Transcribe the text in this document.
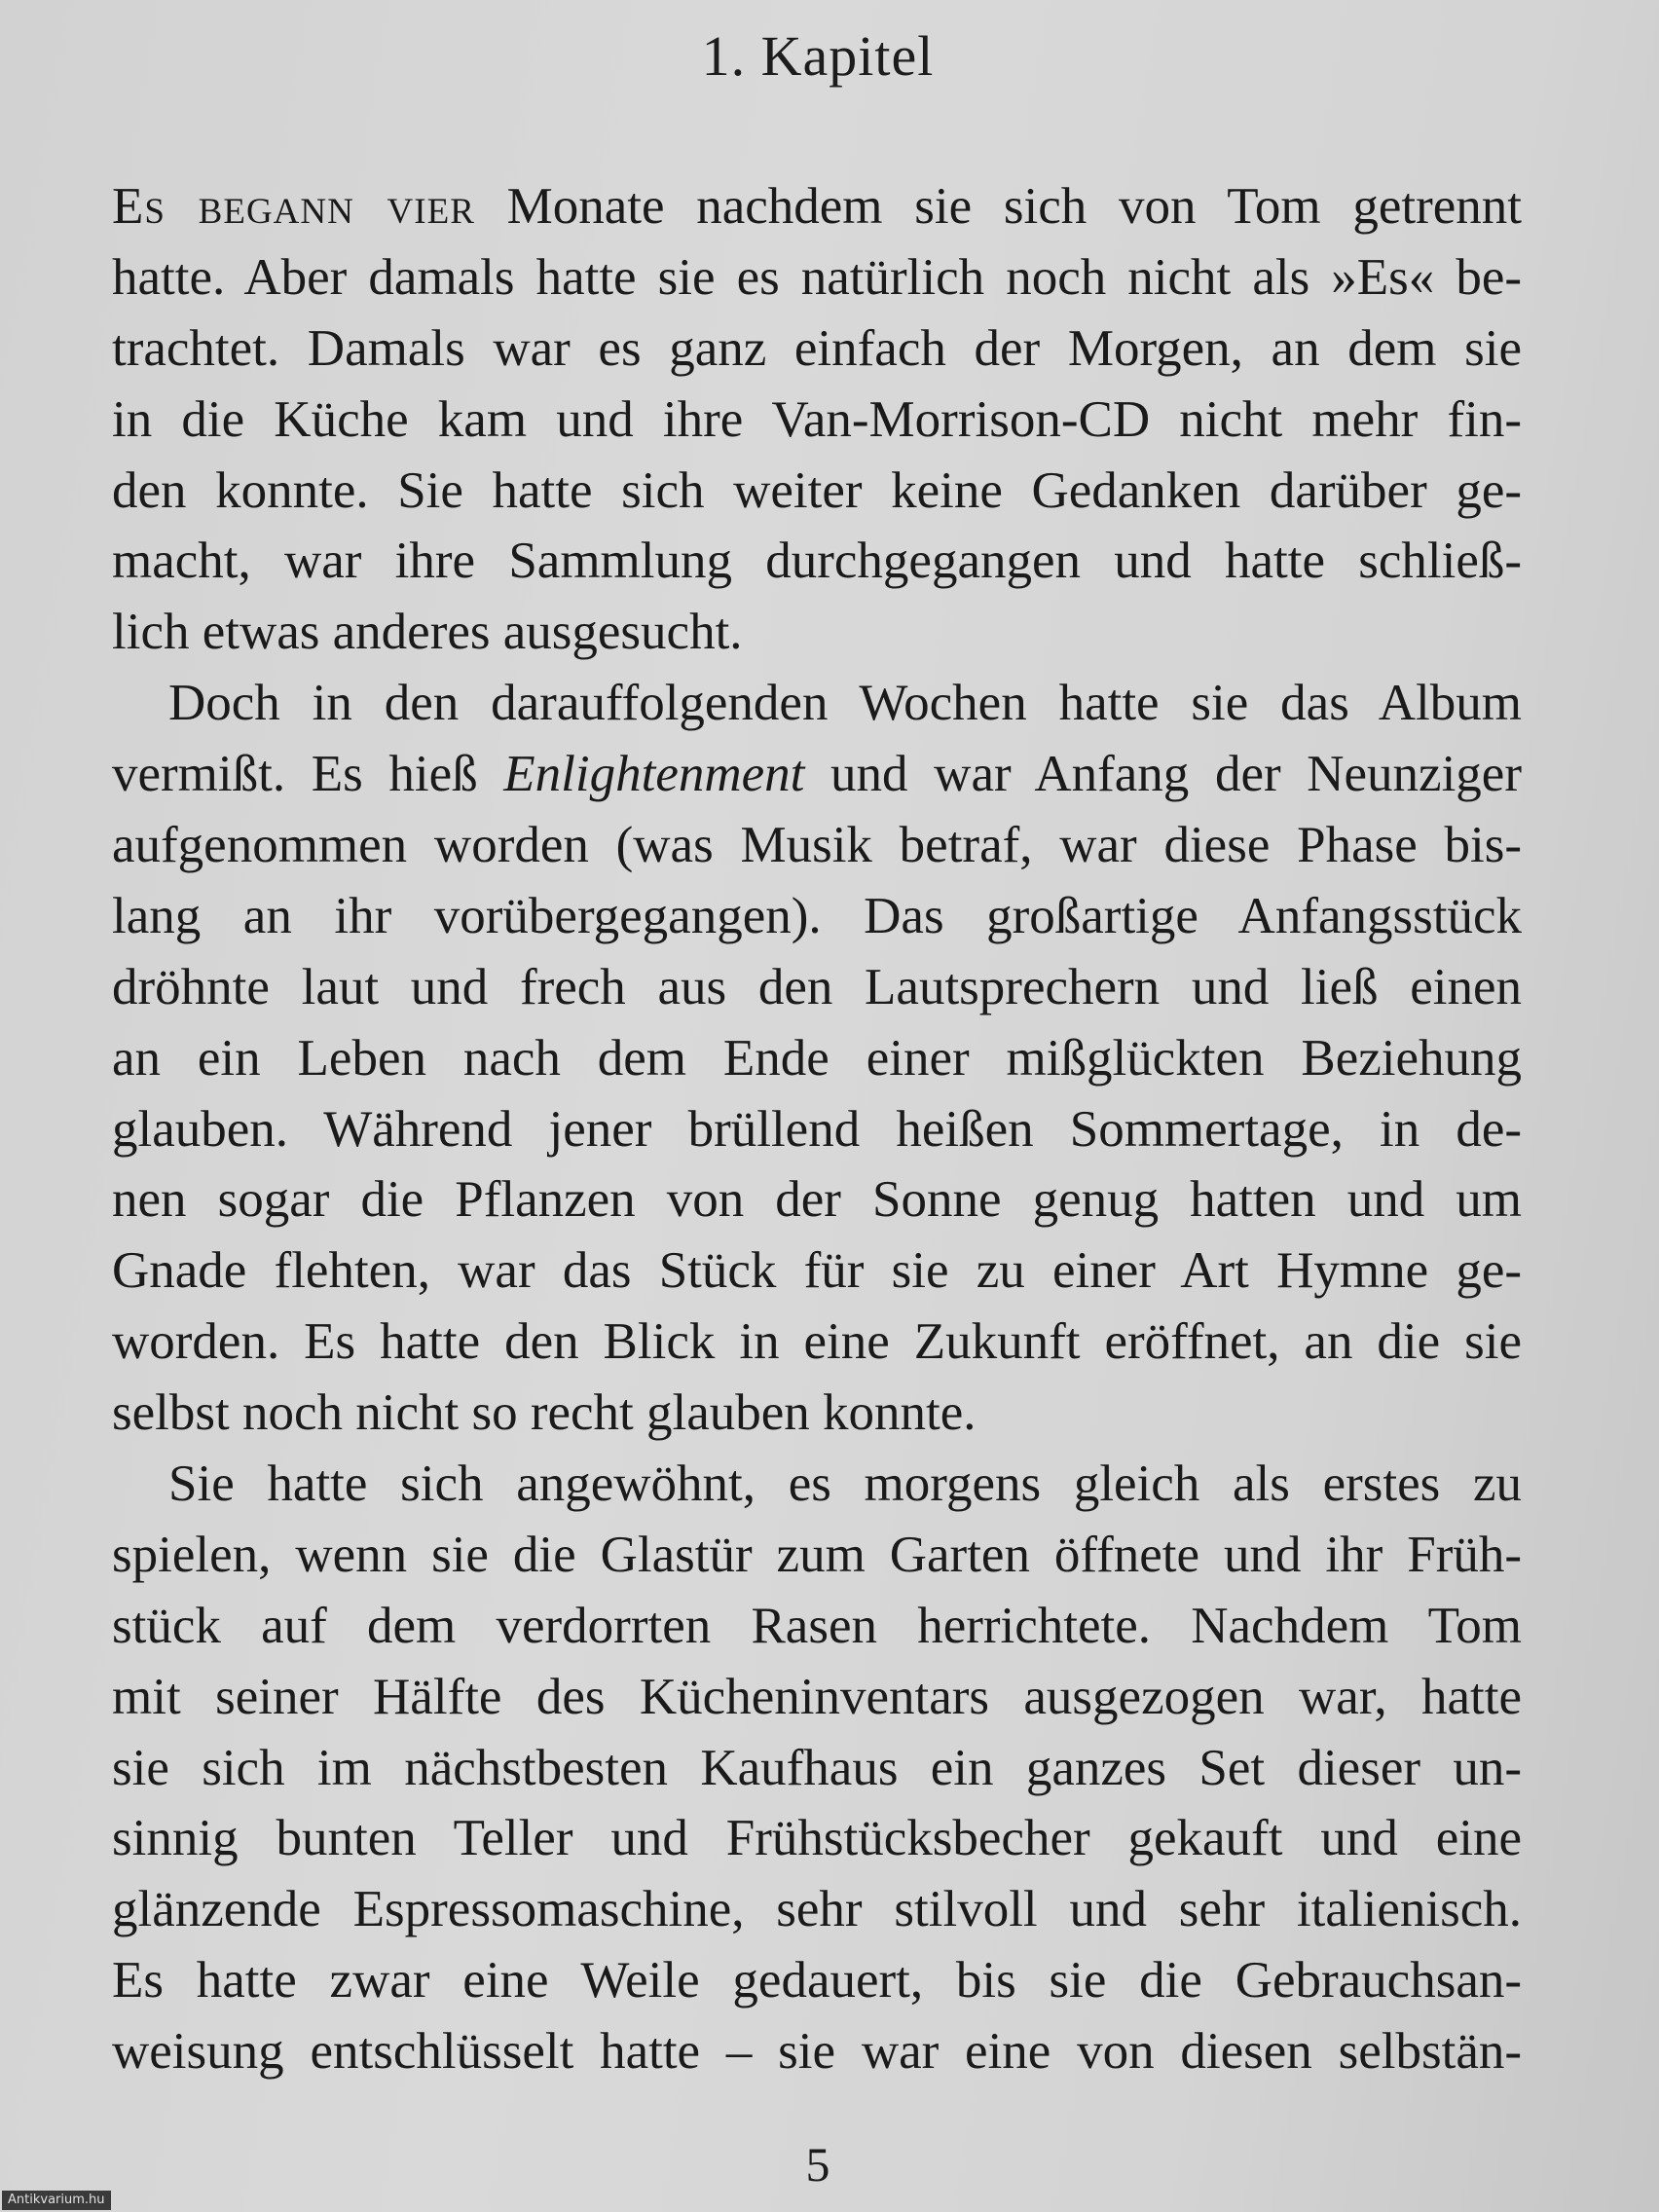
1. Kapitel
Es begann vier Monate nachdem sie sich von Tom getrennt
hatte. Aber damals hatte sie es natürlich noch nicht als »Es« be-
trachtet. Damals war es ganz einfach der Morgen, an dem sie
in die Küche kam und ihre Van-Morrison-CD nicht mehr fin-
den konnte. Sie hatte sich weiter keine Gedanken darüber ge-
macht, war ihre Sammlung durchgegangen und hatte schließ-
lich etwas anderes ausgesucht.
Doch in den darauffolgenden Wochen hatte sie das Album
vermißt. Es hieß Enlightenment und war Anfang der Neunziger
aufgenommen worden (was Musik betraf, war diese Phase bis-
lang an ihr vorübergegangen). Das großartige Anfangsstück
dröhnte laut und frech aus den Lautsprechern und ließ einen
an ein Leben nach dem Ende einer mißglückten Beziehung
glauben. Während jener brüllend heißen Sommertage, in de-
nen sogar die Pflanzen von der Sonne genug hatten und um
Gnade flehten, war das Stück für sie zu einer Art Hymne ge-
worden. Es hatte den Blick in eine Zukunft eröffnet, an die sie
selbst noch nicht so recht glauben konnte.
Sie hatte sich angewöhnt, es morgens gleich als erstes zu
spielen, wenn sie die Glastür zum Garten öffnete und ihr Früh-
stück auf dem verdorrten Rasen herrichtete. Nachdem Tom
mit seiner Hälfte des Kücheninventars ausgezogen war, hatte
sie sich im nächstbesten Kaufhaus ein ganzes Set dieser un-
sinnig bunten Teller und Frühstücksbecher gekauft und eine
glänzende Espressomaschine, sehr stilvoll und sehr italienisch.
Es hatte zwar eine Weile gedauert, bis sie die Gebrauchsan-
weisung entschlüsselt hatte – sie war eine von diesen selbstän-
5
Antikvarium.hu
